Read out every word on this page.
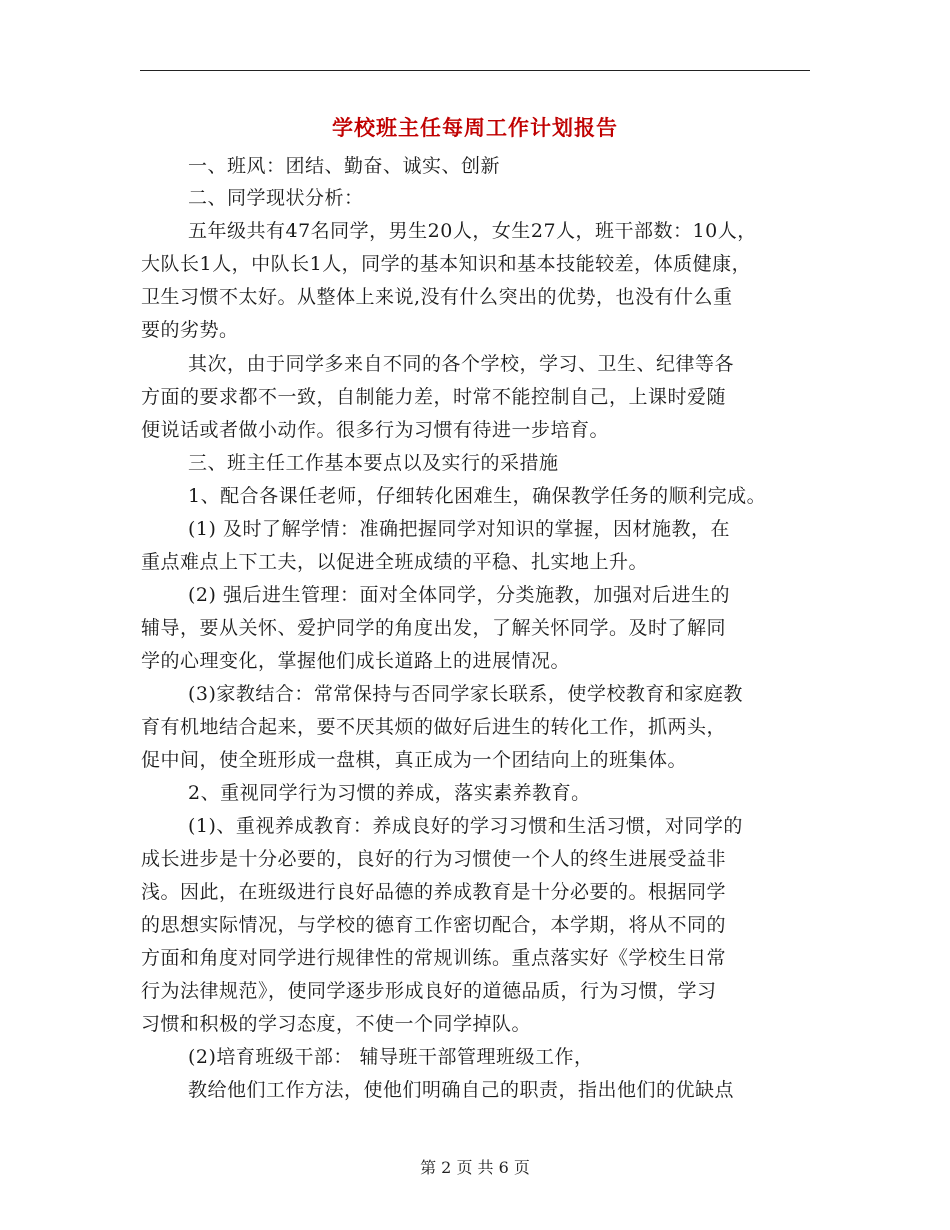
学校班主任每周工作计划报告
一、班风：团结、勤奋、诚实、创新
二、同学现状分析：
五年级共有47名同学，男生20人，女生27人，班干部数：10人，
大队长1人，中队长1人，同学的基本知识和基本技能较差，体质健康，
卫生习惯不太好。从整体上来说,没有什么突出的优势，也没有什么重
要的劣势。
其次，由于同学多来自不同的各个学校，学习、卫生、纪律等各
方面的要求都不一致，自制能力差，时常不能控制自己，上课时爱随
便说话或者做小动作。很多行为习惯有待进一步培育。
三、班主任工作基本要点以及实行的采措施
1、配合各课任老师，仔细转化困难生，确保教学任务的顺利完成。
(1) 及时了解学情：准确把握同学对知识的掌握，因材施教，在
重点难点上下工夫，以促进全班成绩的平稳、扎实地上升。
(2) 强后进生管理：面对全体同学，分类施教，加强对后进生的
辅导，要从关怀、爱护同学的角度出发，了解关怀同学。及时了解同
学的心理变化，掌握他们成长道路上的进展情况。
(3)家教结合：常常保持与否同学家长联系，使学校教育和家庭教
育有机地结合起来，要不厌其烦的做好后进生的转化工作，抓两头，
促中间，使全班形成一盘棋，真正成为一个团结向上的班集体。
2、重视同学行为习惯的养成，落实素养教育。
(1)、重视养成教育：养成良好的学习习惯和生活习惯，对同学的
成长进步是十分必要的，良好的行为习惯使一个人的终生进展受益非
浅。因此，在班级进行良好品德的养成教育是十分必要的。根据同学
的思想实际情况，与学校的德育工作密切配合，本学期，将从不同的
方面和角度对同学进行规律性的常规训练。重点落实好《学校生日常
行为法律规范》，使同学逐步形成良好的道德品质，行为习惯，学习
习惯和积极的学习态度，不使一个同学掉队。
(2)培育班级干部： 辅导班干部管理班级工作，
教给他们工作方法，使他们明确自己的职责，指出他们的优缺点
第 2 页 共 6 页
